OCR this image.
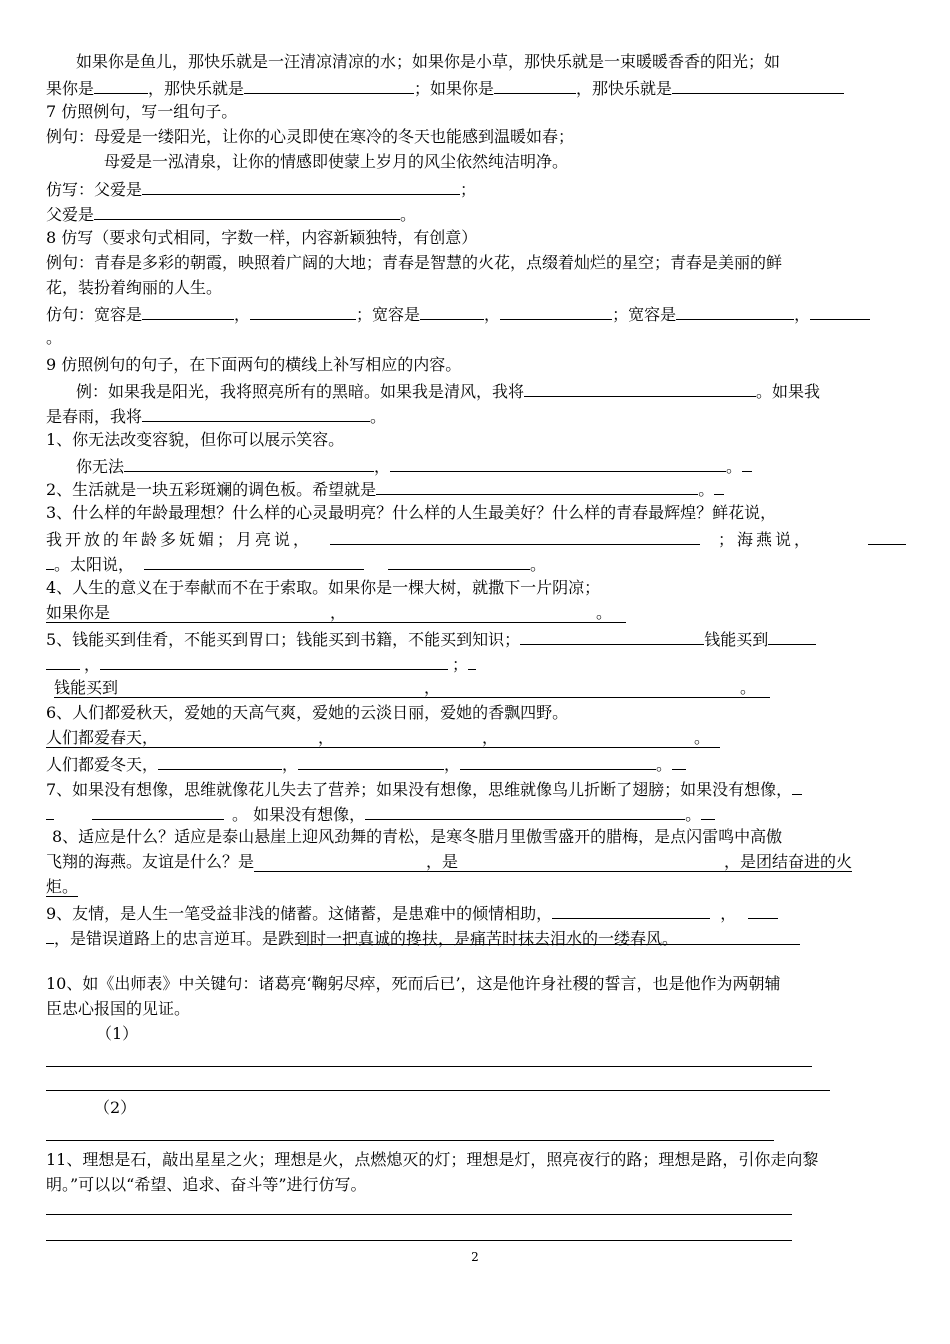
如果你是鱼儿，那快乐就是一汪清凉清凉的水；如果你是小草，那快乐就是一束暖暖香香的阳光；如
果你是	，那快乐就是	；如果你是	，那快乐就是
7 仿照例句，写一组句子。
例句：母爱是一缕阳光，让你的心灵即使在寒冷的冬天也能感到温暖如春；
母爱是一泓清泉，让你的情感即使蒙上岁月的风尘依然纯洁明净。
仿写：父爱是	；
父爱是	。
8 仿写（要求句式相同，字数一样，内容新颖独特，有创意）
例句：青春是多彩的朝霞，映照着广阔的大地；青春是智慧的火花，点缀着灿烂的星空；青春是美丽的鲜
花，装扮着绚丽的人生。
仿句：宽容是	，	；宽容是	，	；宽容是	，
。
9 仿照例句的句子，在下面两句的横线上补写相应的内容。
例：如果我是阳光，我将照亮所有的黑暗。如果我是清风，我将	。如果我
是春雨，我将	。
1、你无法改变容貌，但你可以展示笑容。
你无法	，	。
2、生活就是一块五彩斑斓的调色板。希望就是	。
3、什么样的年龄最理想？什么样的心灵最明亮？什么样的人生最美好？什么样的青春最辉煌？鲜花说，
我开放的年龄多妩媚；月亮说，	；海燕说，
。太阳说，	。
4、人生的意义在于奉献而不在于索取。如果你是一棵大树，就撒下一片阴凉；
如果你是	，	。
5、钱能买到佳肴，不能买到胃口；钱能买到书籍，不能买到知识；	钱能买到
，	；
钱能买到	，	。
6、人们都爱秋天，爱她的天高气爽，爱她的云淡日丽，爱她的香飘四野。
人们都爱春天，	，	，	。
人们都爱冬天，	，	，	。
7、如果没有想像，思维就像花儿失去了营养；如果没有想像，思维就像鸟儿折断了翅膀；如果没有想像，
。 如果没有想像，	。
8、适应是什么？适应是泰山悬崖上迎风劲舞的青松，是寒冬腊月里傲雪盛开的腊梅，是点闪雷鸣中高傲
飞翔的海燕。友谊是什么？是	，是	，是团结奋进的火
炬。
9、友情，是人生一笔受益非浅的储蓄。这储蓄，是患难中的倾情相助，	，
，是错误道路上的忠言逆耳。是跌到时一把真诚的搀扶，是痛苦时抹去泪水的一缕春风。
10、如《出师表》中关键句：诸葛亮‘鞠躬尽瘁，死而后已’，这是他许身社稷的誓言，也是他作为两朝辅
臣忠心报国的见证。
（1）
（2）
11、理想是石，敲出星星之火；理想是火，点燃熄灭的灯；理想是灯，照亮夜行的路；理想是路，引你走向黎
明。”可以以“希望、追求、奋斗等”进行仿写。
2
